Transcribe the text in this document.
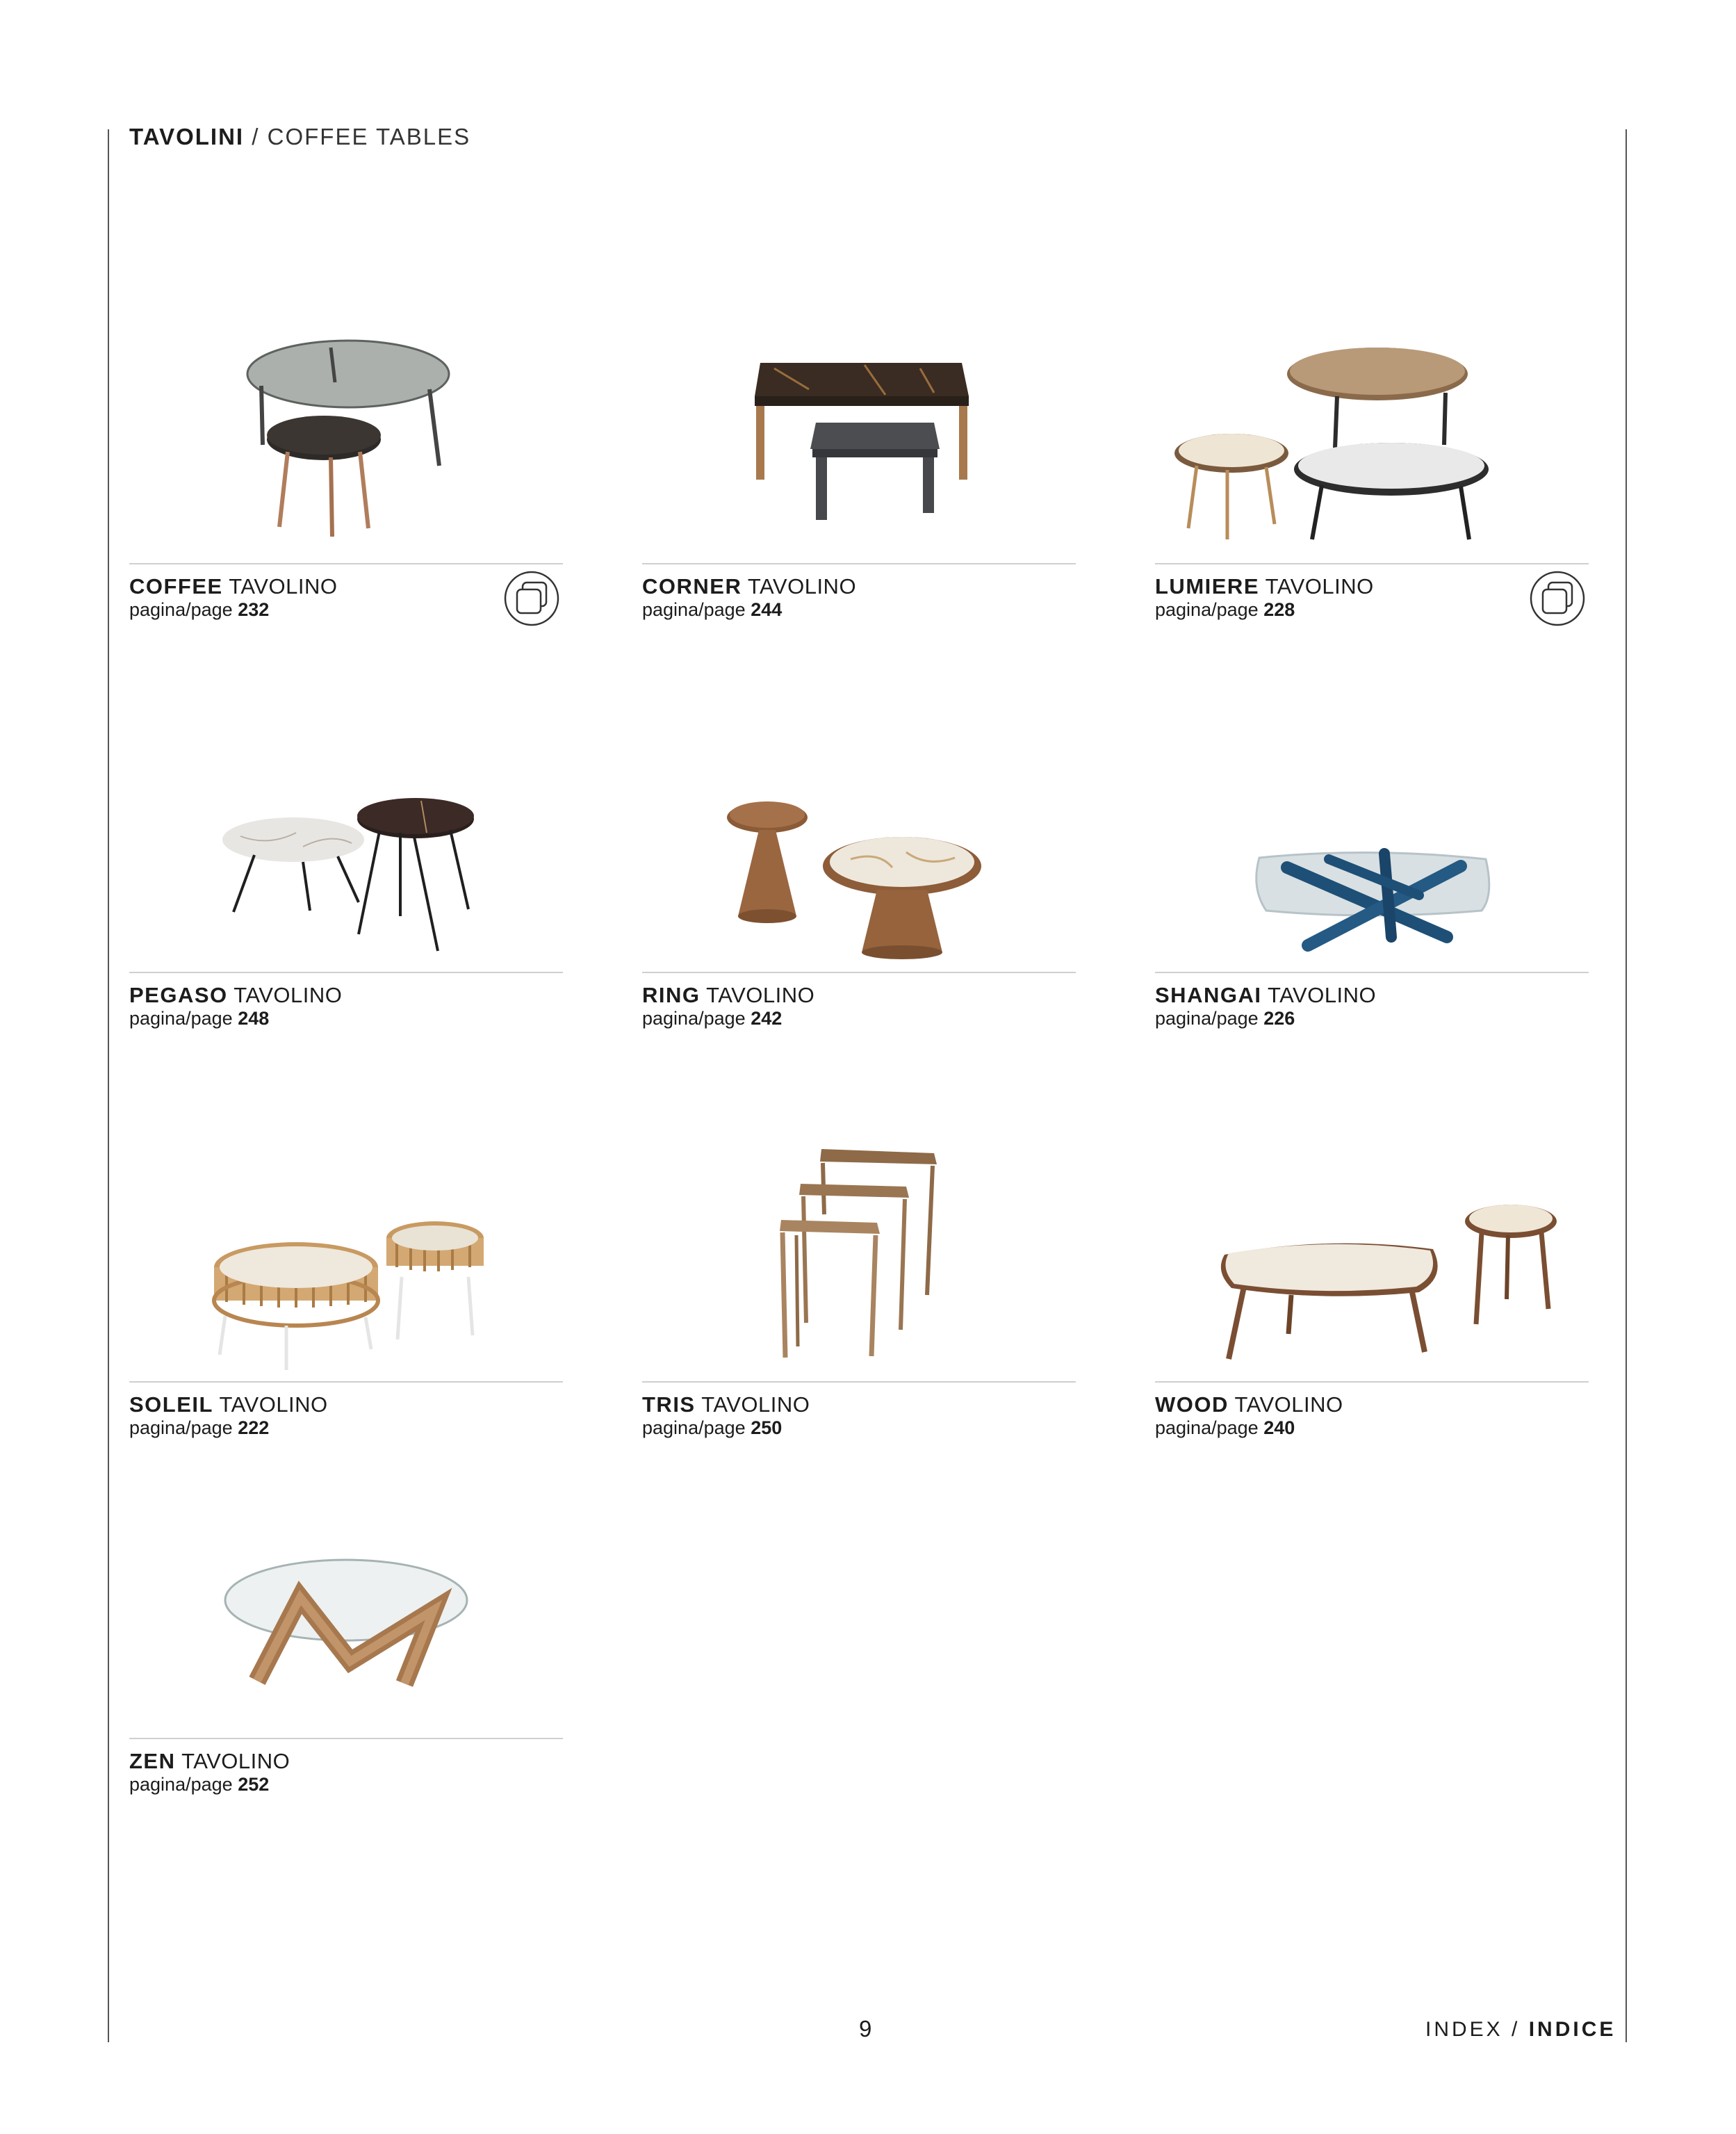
TAVOLINI / COFFEE TABLES
COFFEE TAVOLINO
pagina/page 232
CORNER TAVOLINO
pagina/page 244
LUMIERE TAVOLINO
pagina/page 228
PEGASO TAVOLINO
pagina/page 248
RING TAVOLINO
pagina/page 242
SHANGAI TAVOLINO
pagina/page 226
SOLEIL TAVOLINO
pagina/page 222
TRIS TAVOLINO
pagina/page 250
WOOD TAVOLINO
pagina/page 240
ZEN TAVOLINO
pagina/page 252
9	INDEX / INDICE
